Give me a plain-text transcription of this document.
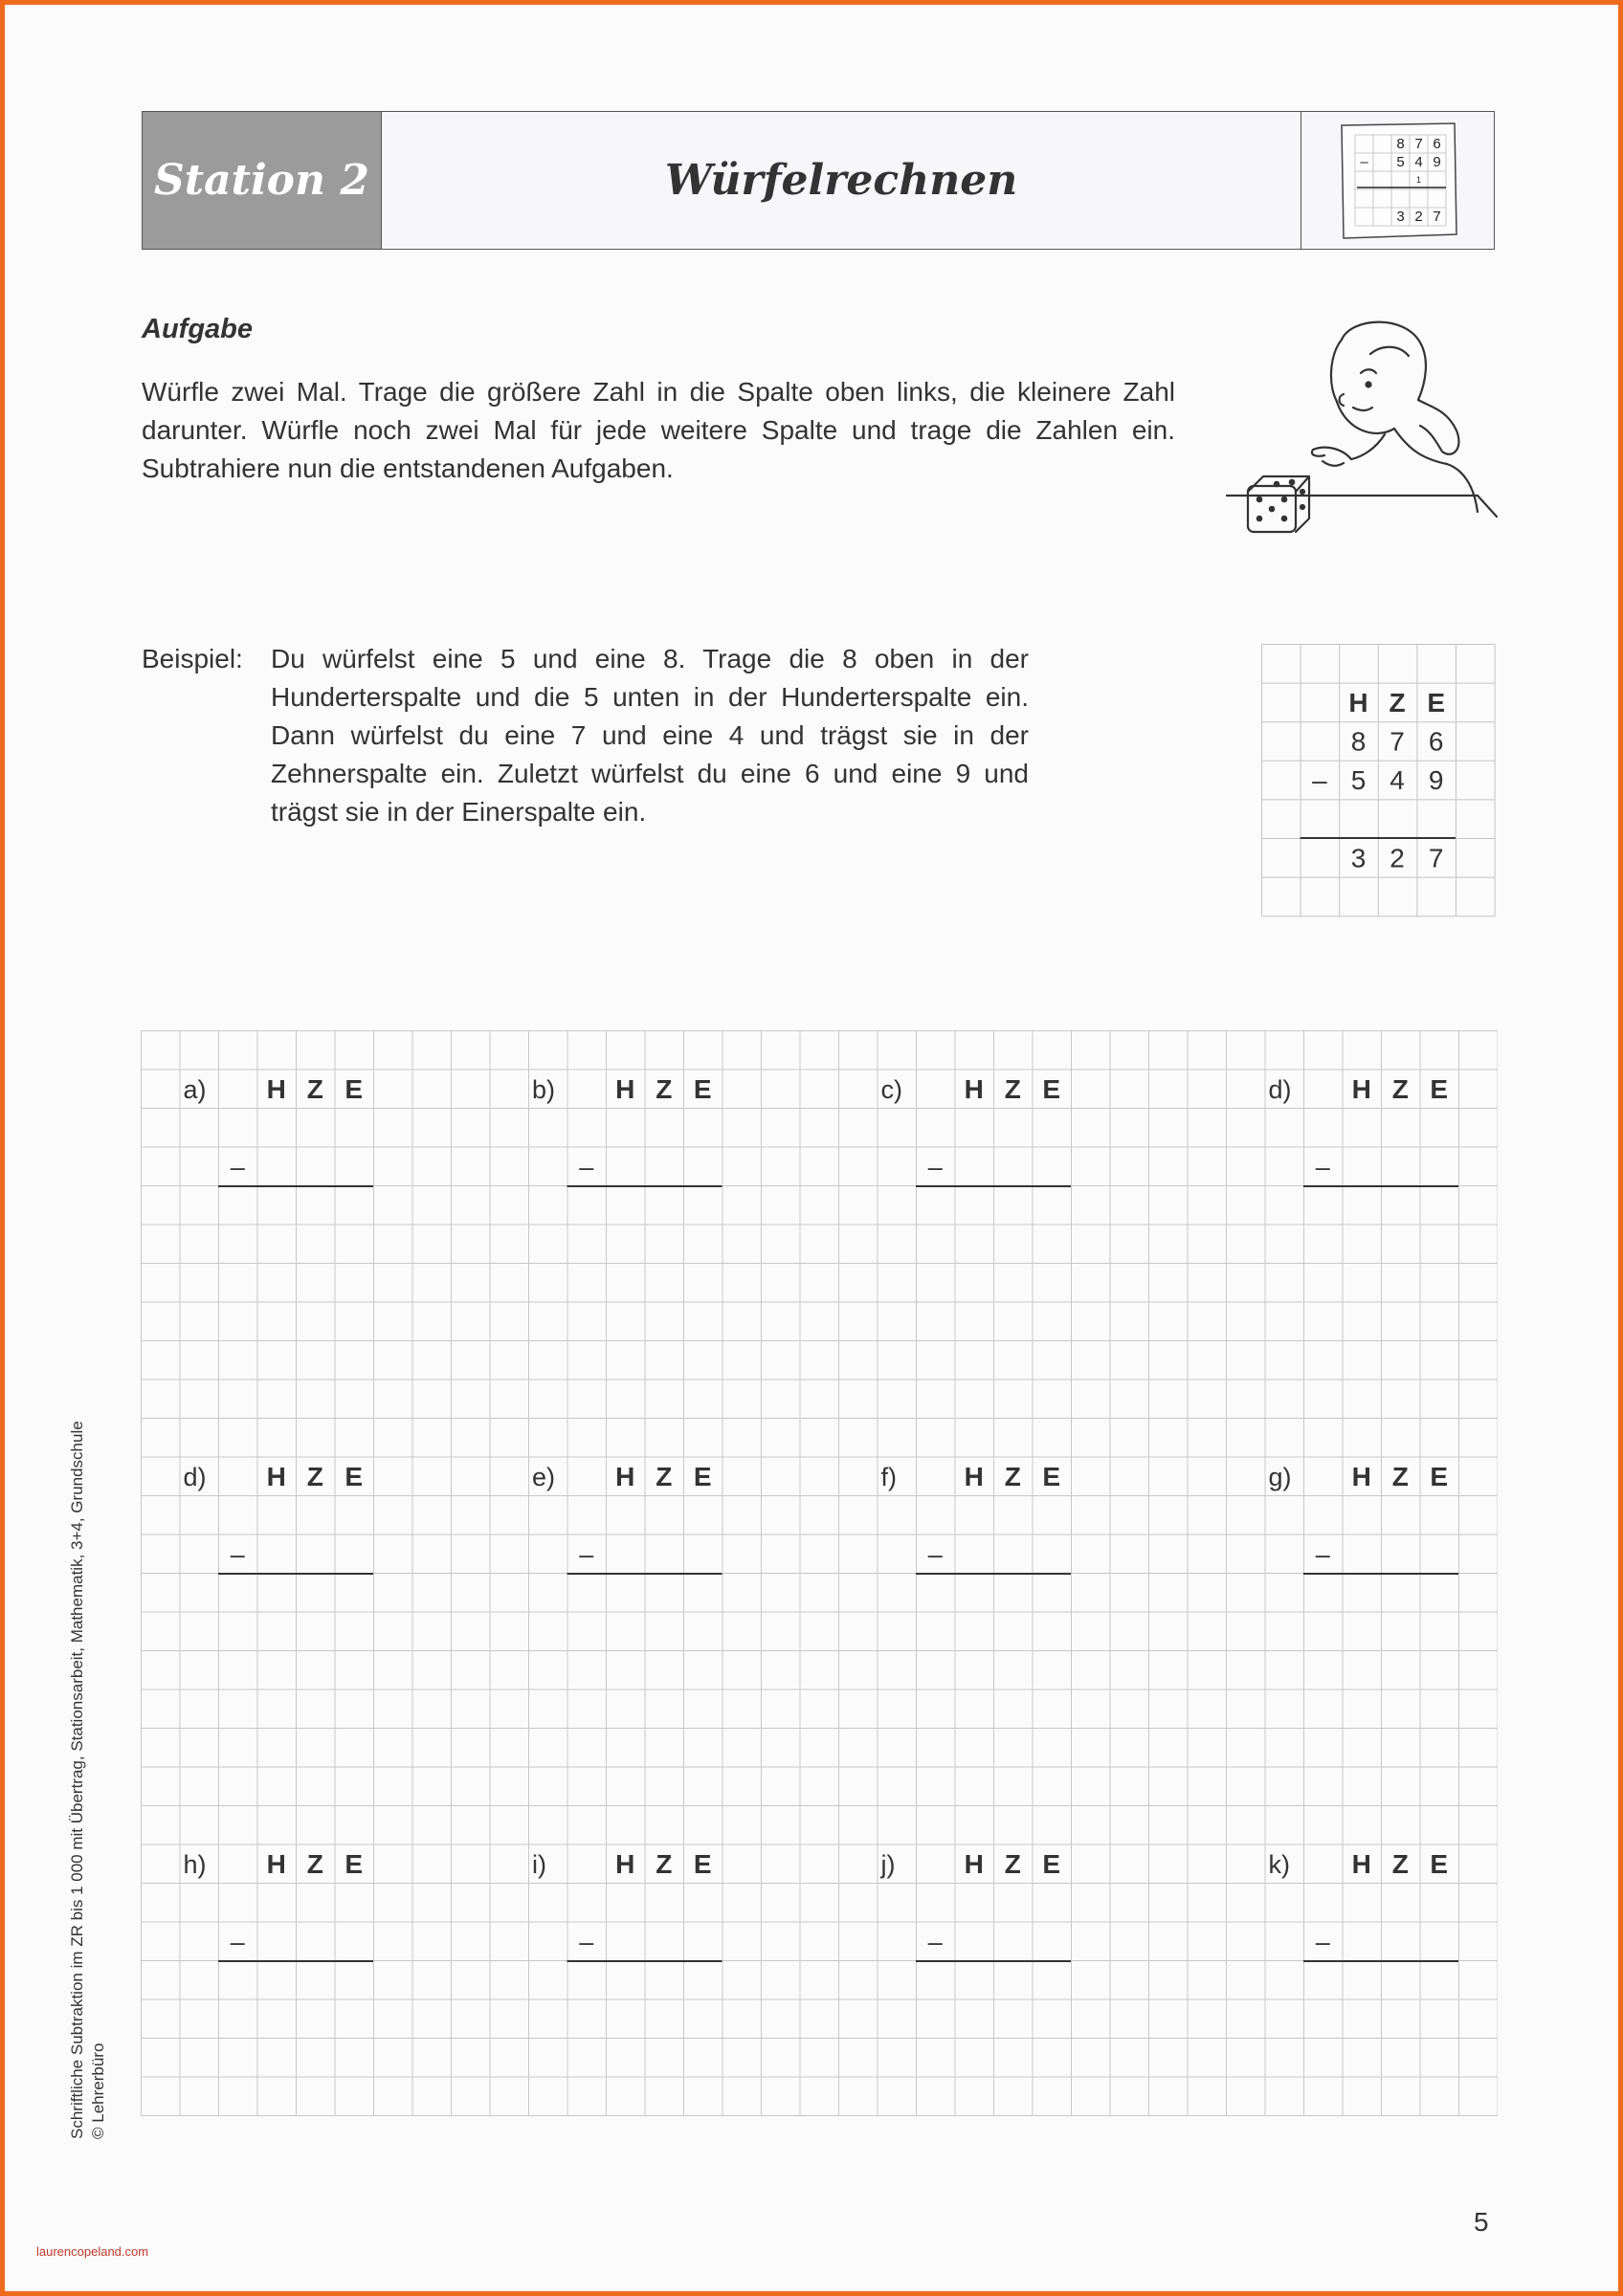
Station 2	Würfelrechnen
8 7 6
– 5 4 9
1
3 2 7
Aufgabe
Würfle zwei Mal. Trage die größere Zahl in die Spalte oben links, die kleinere Zahl darunter. Würfle noch zwei Mal für jede weitere Spalte und trage die Zahlen ein. Subtrahiere nun die entstandenen Aufgaben.
Beispiel: Du würfelst eine 5 und eine 8. Trage die 8 oben in der Hunderterspalte und die 5 unten in der Hunderterspalte ein. Dann würfelst du eine 7 und eine 4 und trägst sie in der Zehnerspalte ein. Zuletzt würfelst du eine 6 und eine 9 und trägst sie in der Einerspalte ein.
H Z E
8 7 6
– 5 4 9
3 2 7
a) H Z E
–
b) H Z E
–
c) H Z E
–
d) H Z E
–
d) H Z E
–
e) H Z E
–
f)	H Z E
–
g) H Z E
–
h) H Z E
–
i)	H Z E
–
j)	H Z E
–
k) H Z E
–
Schriftliche Subtraktion im ZR bis 1 000 mit Übertrag, Stationsarbeit, Mathematik, 3+4, Grundschule © Lehrerbüro
5
laurencopeland.com
